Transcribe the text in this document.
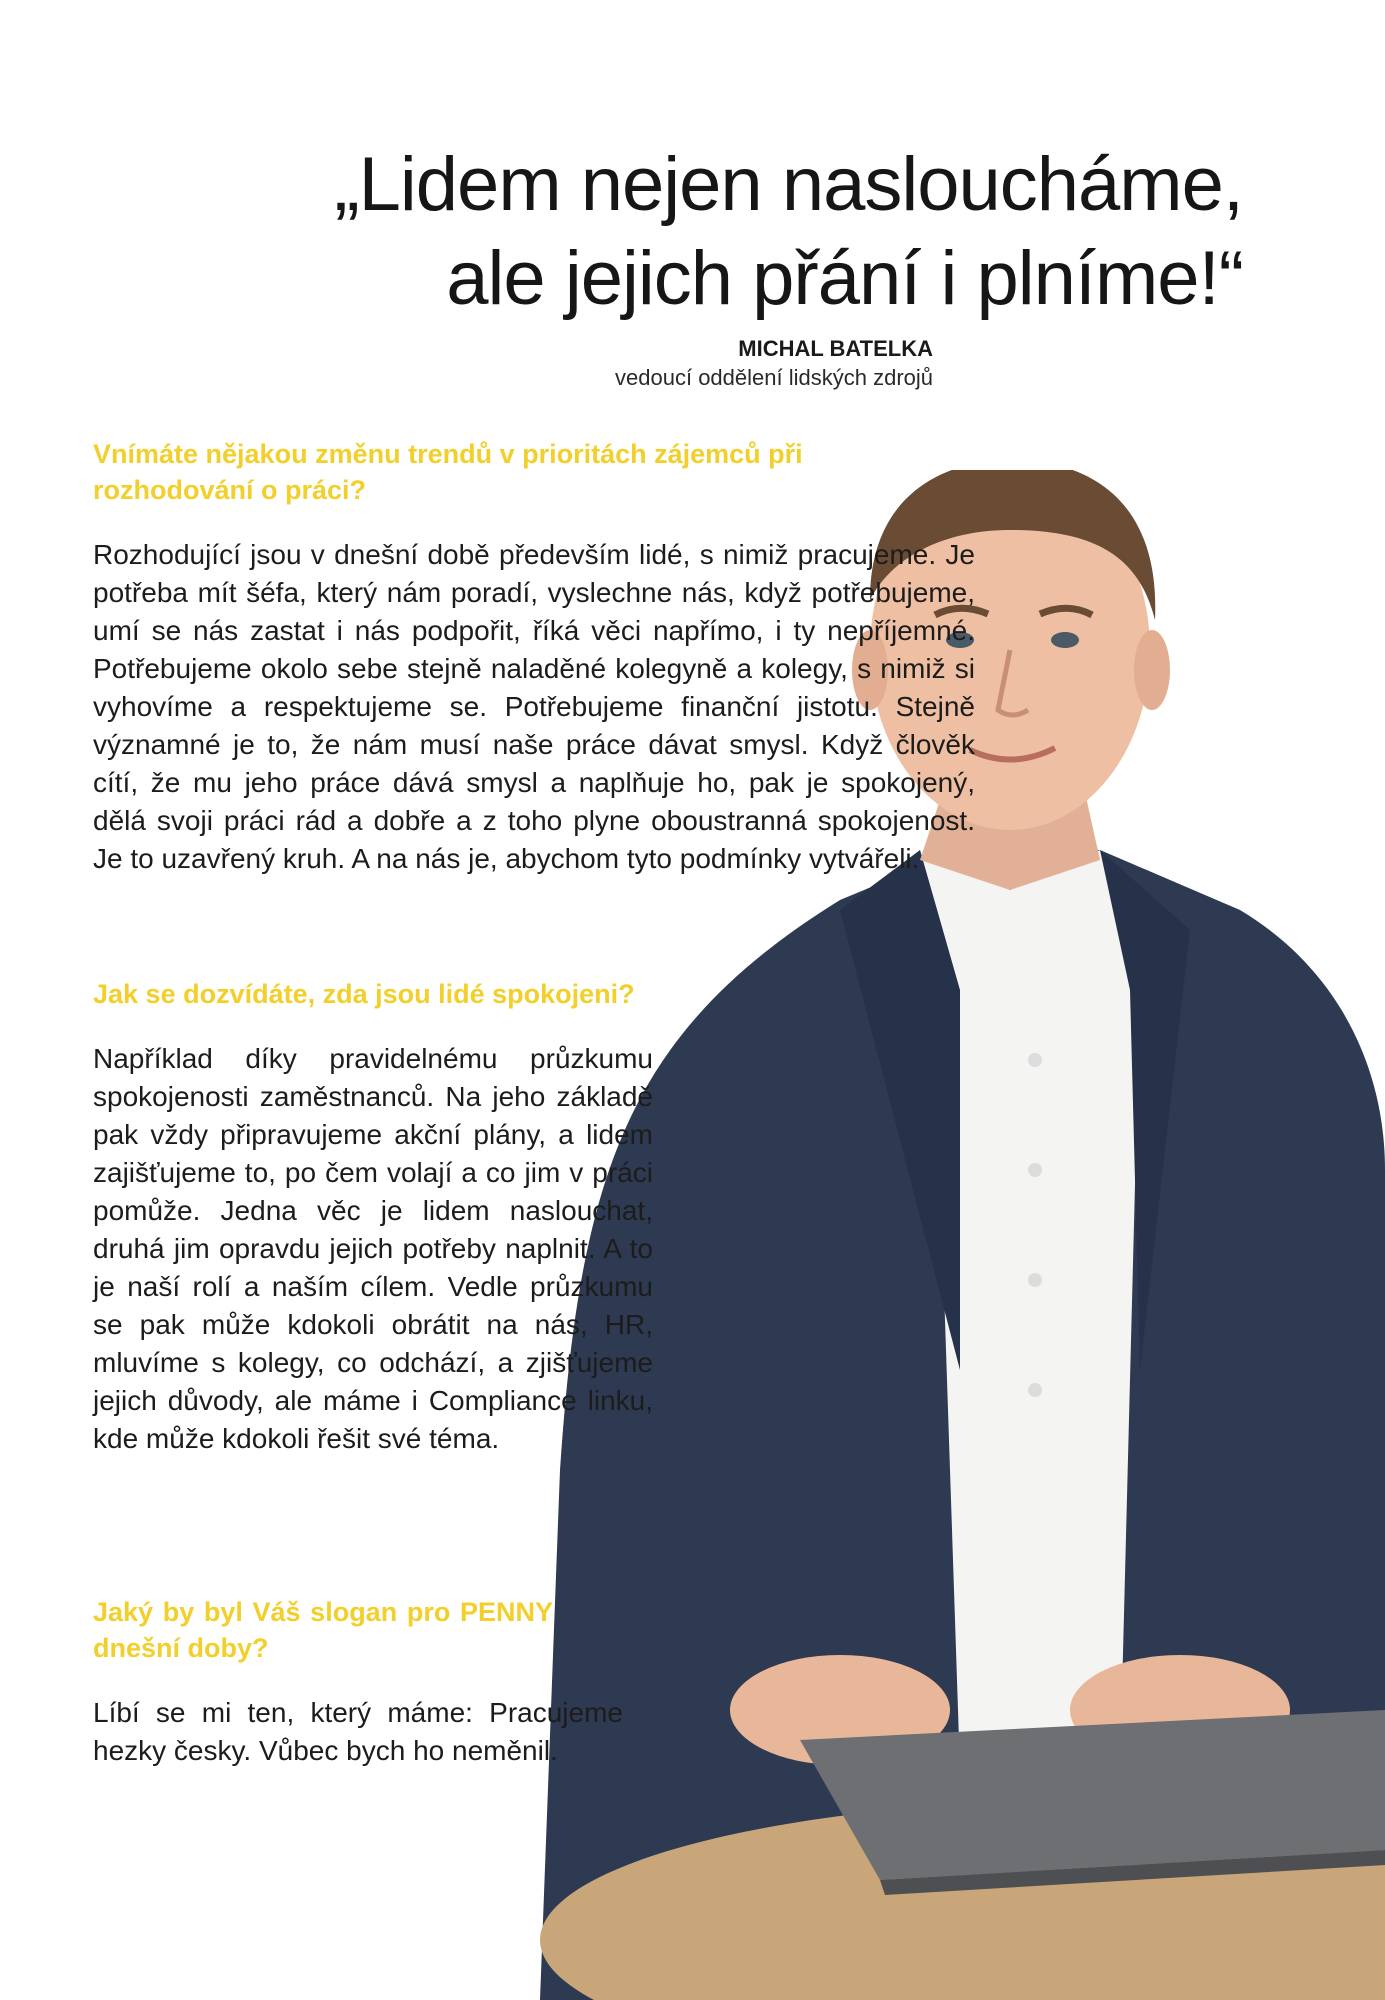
„Lidem nejen nasloucháme,
ale jejich přání i plníme!“
MICHAL BATELKA
vedoucí oddělení lidských zdrojů
Vnímáte nějakou změnu trendů v prioritách zájemců při rozhodování o práci?

Rozhodující jsou v dnešní době především lidé, s nimiž pracujeme. Je potřeba mít šéfa, který nám poradí, vyslechne nás, když potřebujeme, umí se nás zastat i nás podpořit, říká věci napřímo, i ty nepříjemné. Potřebujeme okolo sebe stejně naladěné kolegyně a kolegy, s nimiž si vyhovíme a respektujeme se. Potřebujeme finanční jistotu. Stejně významné je to, že nám musí naše práce dávat smysl. Když člověk cítí, že mu jeho práce dává smysl a naplňuje ho, pak je spokojený, dělá svoji práci rád a dobře a z toho plyne oboustranná spokojenost. Je to uzavřený kruh. A na nás je, abychom tyto podmínky vytvářeli.

Jak se dozvídáte, zda jsou lidé spokojeni?

Například díky pravidelnému průzkumu spokojenosti zaměstnanců. Na jeho základě pak vždy připravujeme akční plány, a lidem zajišťujeme to, po čem volají a co jim v práci pomůže. Jedna věc je lidem naslouchat, druhá jim opravdu jejich potřeby naplnit. A to je naší rolí a naším cílem. Vedle průzkumu se pak může kdokoli obrátit na nás, HR, mluvíme s kolegy, co odchází, a zjišťujeme jejich důvody, ale máme i Compliance linku, kde může kdokoli řešit své téma.

Jaký by byl Váš slogan pro PENNY dnešní doby?

Líbí se mi ten, který máme: Pracujeme hezky česky. Vůbec bych ho neměnil.
